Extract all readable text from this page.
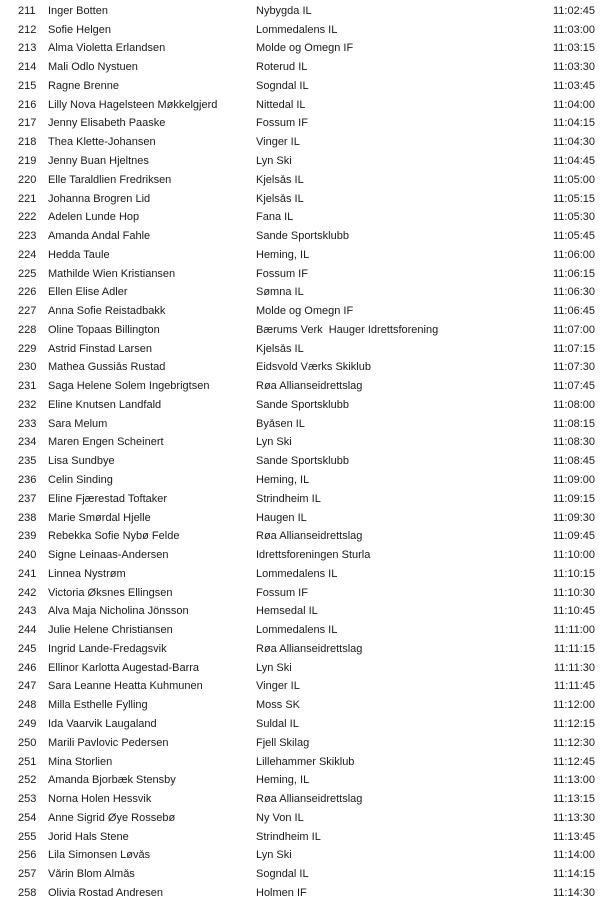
211	Inger Botten	Nybygda IL	11:02:45
212	Sofie Helgen	Lommedalens IL	11:03:00
213	Alma Violetta Erlandsen	Molde og Omegn IF	11:03:15
214	Mali Odlo Nystuen	Roterud IL	11:03:30
215	Ragne Brenne	Sogndal IL	11:03:45
216	Lilly Nova Hagelsteen Møkkelgjerd	Nittedal IL	11:04:00
217	Jenny Elisabeth Paaske	Fossum IF	11:04:15
218	Thea Klette-Johansen	Vinger IL	11:04:30
219	Jenny Buan Hjeltnes	Lyn Ski	11:04:45
220	Elle Taraldlien Fredriksen	Kjelsås IL	11:05:00
221	Johanna Brogren Lid	Kjelsås IL	11:05:15
222	Adelen Lunde Hop	Fana IL	11:05:30
223	Amanda Andal Fahle	Sande Sportsklubb	11:05:45
224	Hedda Taule	Heming, IL	11:06:00
225	Mathilde Wien Kristiansen	Fossum IF	11:06:15
226	Ellen Elise Adler	Sømna IL	11:06:30
227	Anna Sofie Reistadbakk	Molde og Omegn IF	11:06:45
228	Oline Topaas Billington	Bærums Verk  Hauger Idrettsforening	11:07:00
229	Astrid Finstad Larsen	Kjelsås IL	11:07:15
230	Mathea Gussiås Rustad	Eidsvold Værks Skiklub	11:07:30
231	Saga Helene Solem Ingebrigtsen	Røa Allianseidrettslag	11:07:45
232	Eline Knutsen Landfald	Sande Sportsklubb	11:08:00
233	Sara Melum	Byåsen IL	11:08:15
234	Maren Engen Scheinert	Lyn Ski	11:08:30
235	Lisa Sundbye	Sande Sportsklubb	11:08:45
236	Celin Sinding	Heming, IL	11:09:00
237	Eline Fjærestad Toftaker	Strindheim IL	11:09:15
238	Marie Smørdal Hjelle	Haugen IL	11:09:30
239	Rebekka Sofie Nybø Felde	Røa Allianseidrettslag	11:09:45
240	Signe Leinaas-Andersen	Idrettsforeningen Sturla	11:10:00
241	Linnea Nystrøm	Lommedalens IL	11:10:15
242	Victoria Øksnes Ellingsen	Fossum IF	11:10:30
243	Alva Maja Nicholina Jönsson	Hemsedal IL	11:10:45
244	Julie Helene Christiansen	Lommedalens IL	11:11:00
245	Ingrid Lande-Fredagsvik	Røa Allianseidrettslag	11:11:15
246	Ellinor Karlotta Augestad-Barra	Lyn Ski	11:11:30
247	Sara Leanne Heatta Kuhmunen	Vinger IL	11:11:45
248	Milla Esthelle Fylling	Moss SK	11:12:00
249	Ida Vaarvik Laugaland	Suldal IL	11:12:15
250	Marili Pavlovic Pedersen	Fjell Skilag	11:12:30
251	Mina Storlien	Lillehammer Skiklub	11:12:45
252	Amanda Bjorbæk Stensby	Heming, IL	11:13:00
253	Norna Holen Hessvik	Røa Allianseidrettslag	11:13:15
254	Anne Sigrid Øye Rossebø	Ny Von IL	11:13:30
255	Jorid Hals Stene	Strindheim IL	11:13:45
256	Lila Simonsen Løvås	Lyn Ski	11:14:00
257	Vårin Blom Almås	Sogndal IL	11:14:15
258	Olivia Rostad Andresen	Holmen IF	11:14:30
